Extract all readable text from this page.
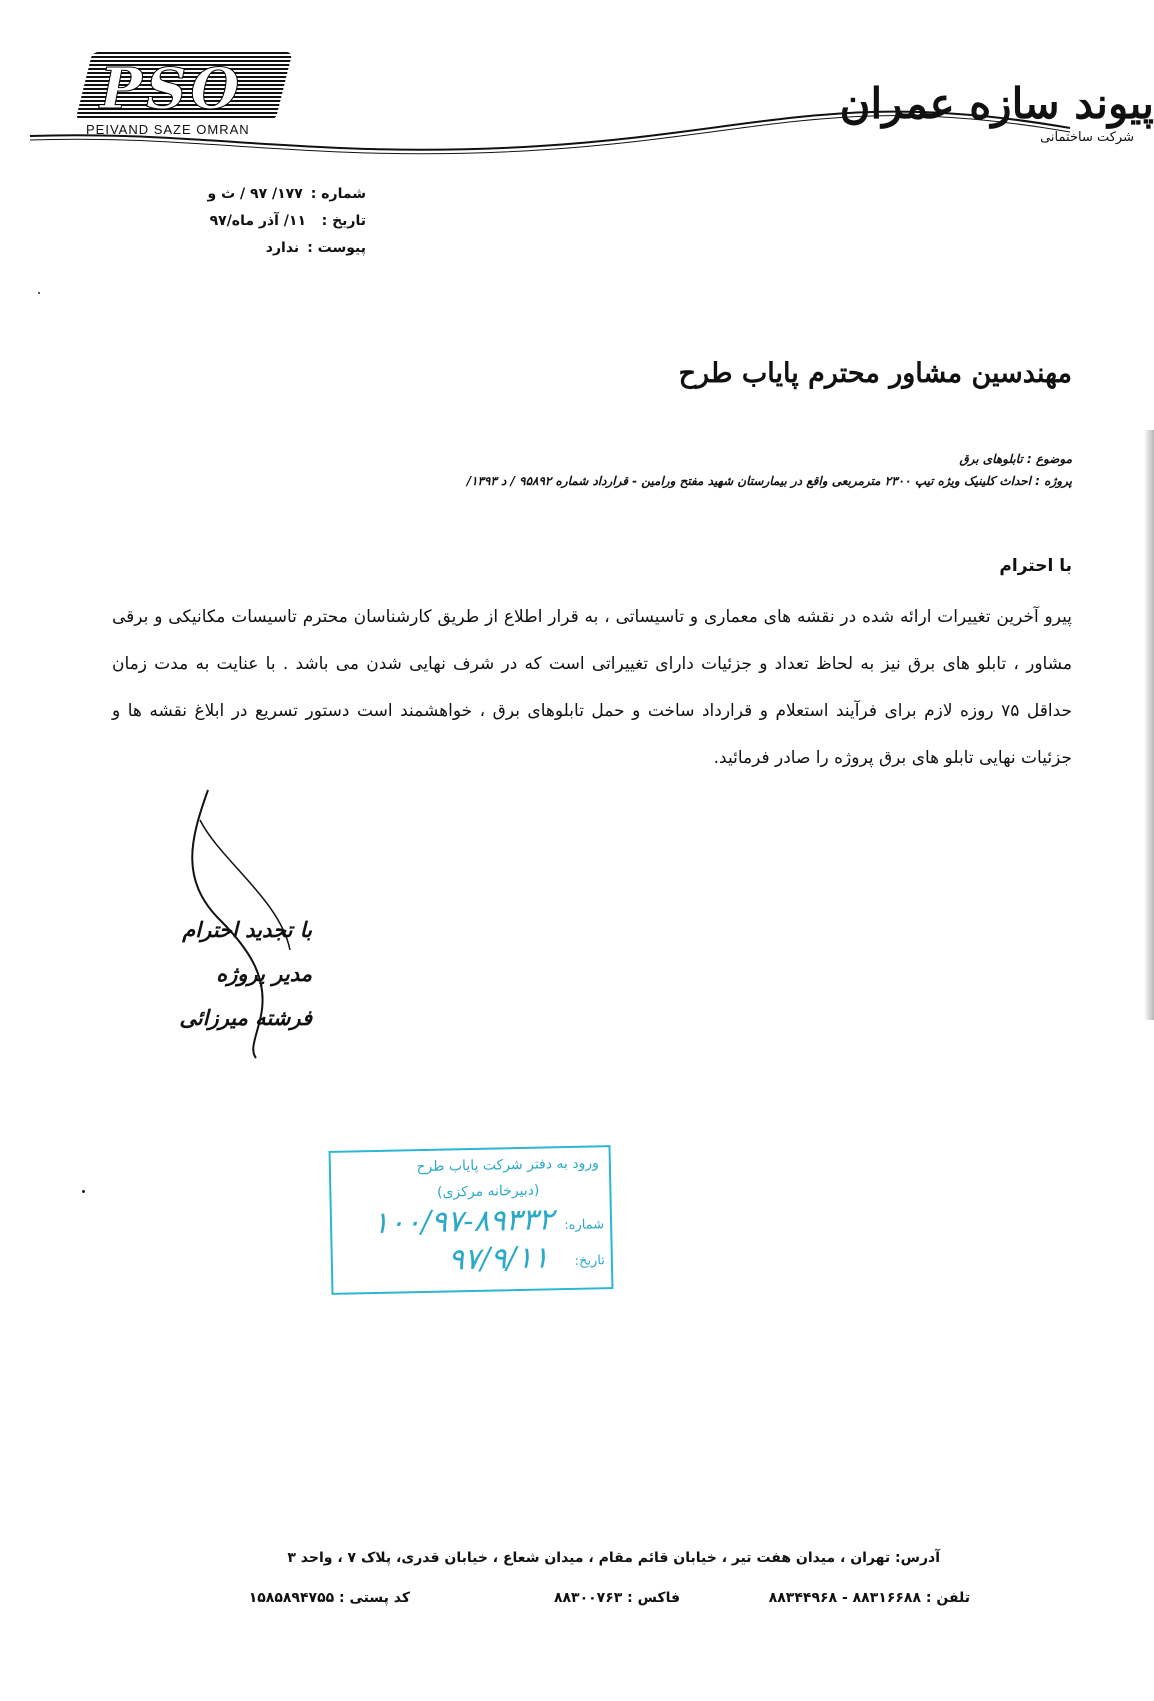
PSO
PEIVAND SAZE OMRAN
پیوند سازه عمران
شرکت ساختمانی
شماره :
۱۷۷/ ۹۷ / ث و
تاریخ :
۱۱/ آذر ماه/۹۷
پیوست :
ندارد
مهندسین مشاور محترم پایاب طرح
موضوع : تابلوهای برق
پروژه : احداث کلینیک ویژه تیپ ۲۳۰۰ مترمربعی واقع در بیمارستان شهید مفتح ورامین - قرارداد شماره ۹۵۸۹۲ / د ۱۳۹۳/
با احترام
پیرو آخرین تغییرات ارائه شده در نقشه های معماری و تاسیساتی ، به قرار اطلاع از طریق کارشناسان محترم تاسیسات مکانیکی و برقی مشاور ، تابلو های برق نیز به لحاظ تعداد و جزئیات دارای تغییراتی است که در شرف نهایی شدن می باشد . با عنایت به مدت زمان حداقل ۷۵ روزه لازم برای فرآیند استعلام و قرارداد ساخت و حمل تابلوهای برق ، خواهشمند است دستور تسریع در ابلاغ نقشه ها و جزئیات نهایی تابلو های برق پروژه را صادر فرمائید.
با تجدید احترام
مدیر پروژه
فرشته میرزائی
ورود به دفتر شرکت پایاب طرح
(دبیرخانه مرکزی)
شماره:
۱۰۰/۹۷-۸۹۳۳۲
تاریخ:
۹۷/۹/۱۱
آدرس: تهران ، میدان هفت تیر ، خیابان قائم مقام ، میدان شعاع ، خیابان قدری، پلاک ۷ ، واحد ۳
تلفن : ۸۸۳۱۶۶۸۸ - ۸۸۳۴۴۹۶۸
فاکس : ۸۸۳۰۰۷۶۳
کد پستی : ۱۵۸۵۸۹۴۷۵۵
